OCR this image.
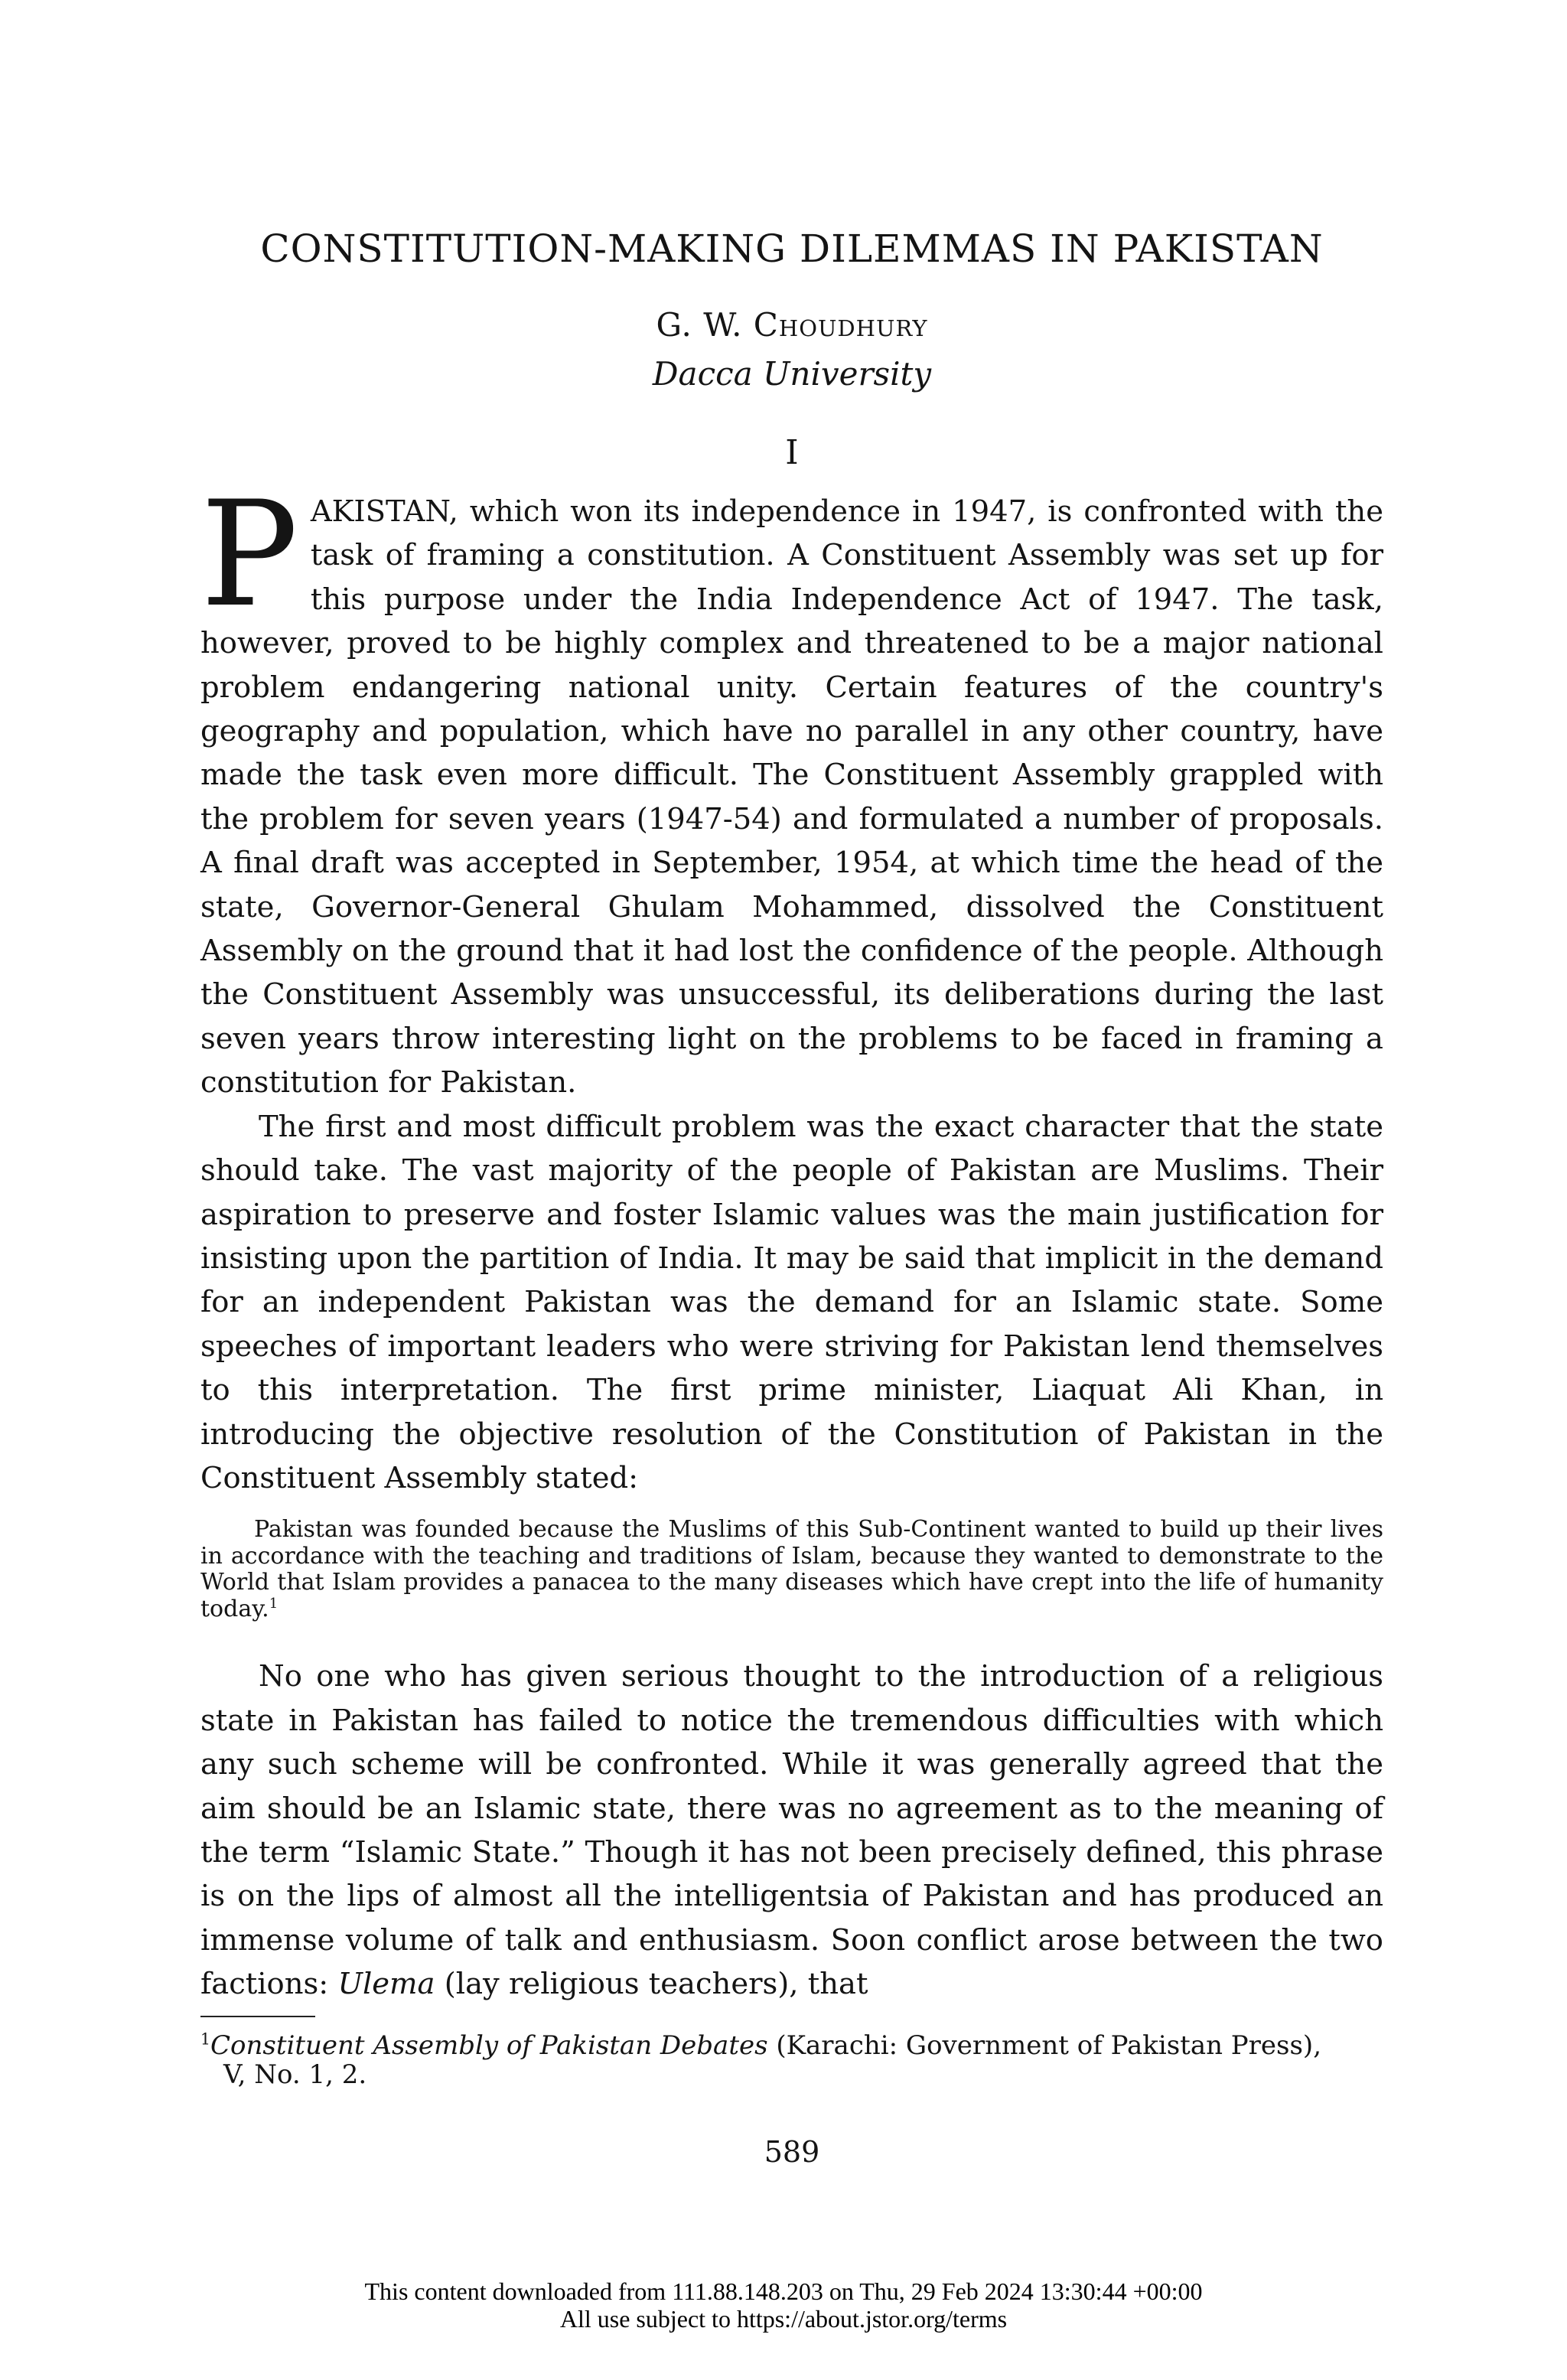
CONSTITUTION-MAKING DILEMMAS IN PAKISTAN
G. W. Choudhury
Dacca University
I

PAKISTAN, which won its independence in 1947, is confronted with the task of framing a constitution. A Constituent Assembly was set up for this purpose under the India Independence Act of 1947. The task, however, proved to be highly complex and threatened to be a major national problem endangering national unity. Certain features of the country's geography and population, which have no parallel in any other country, have made the task even more difficult. The Constituent Assembly grappled with the problem for seven years (1947-54) and formulated a number of proposals. A final draft was accepted in September, 1954, at which time the head of the state, Governor-General Ghulam Mohammed, dissolved the Constituent Assembly on the ground that it had lost the confidence of the people. Although the Constituent Assembly was unsuccessful, its deliberations during the last seven years throw interesting light on the problems to be faced in framing a constitution for Pakistan.

The first and most difficult problem was the exact character that the state should take. The vast majority of the people of Pakistan are Muslims. Their aspiration to preserve and foster Islamic values was the main justification for insisting upon the partition of India. It may be said that implicit in the demand for an independent Pakistan was the demand for an Islamic state. Some speeches of important leaders who were striving for Pakistan lend themselves to this interpretation. The first prime minister, Liaquat Ali Khan, in introducing the objective resolution of the Constitution of Pakistan in the Constituent Assembly stated:

Pakistan was founded because the Muslims of this Sub-Continent wanted to build up their lives in accordance with the teaching and traditions of Islam, because they wanted to demonstrate to the World that Islam provides a panacea to the many diseases which have crept into the life of humanity today.$^1$

No one who has given serious thought to the introduction of a religious state in Pakistan has failed to notice the tremendous difficulties with which any such scheme will be confronted. While it was generally agreed that the aim should be an Islamic state, there was no agreement as to the meaning of the term “Islamic State.” Though it has not been precisely defined, this phrase is on the lips of almost all the intelligentsia of Pakistan and has produced an immense volume of talk and enthusiasm. Soon conflict arose between the two factions: Ulema (lay religious teachers), that

$^1$Constituent Assembly of Pakistan Debates (Karachi: Government of Pakistan Press),
V, No. 1, 2.
589
This content downloaded from 111.88.148.203 on Thu, 29 Feb 2024 13:30:44 +00:00
All use subject to https://about.jstor.org/terms
